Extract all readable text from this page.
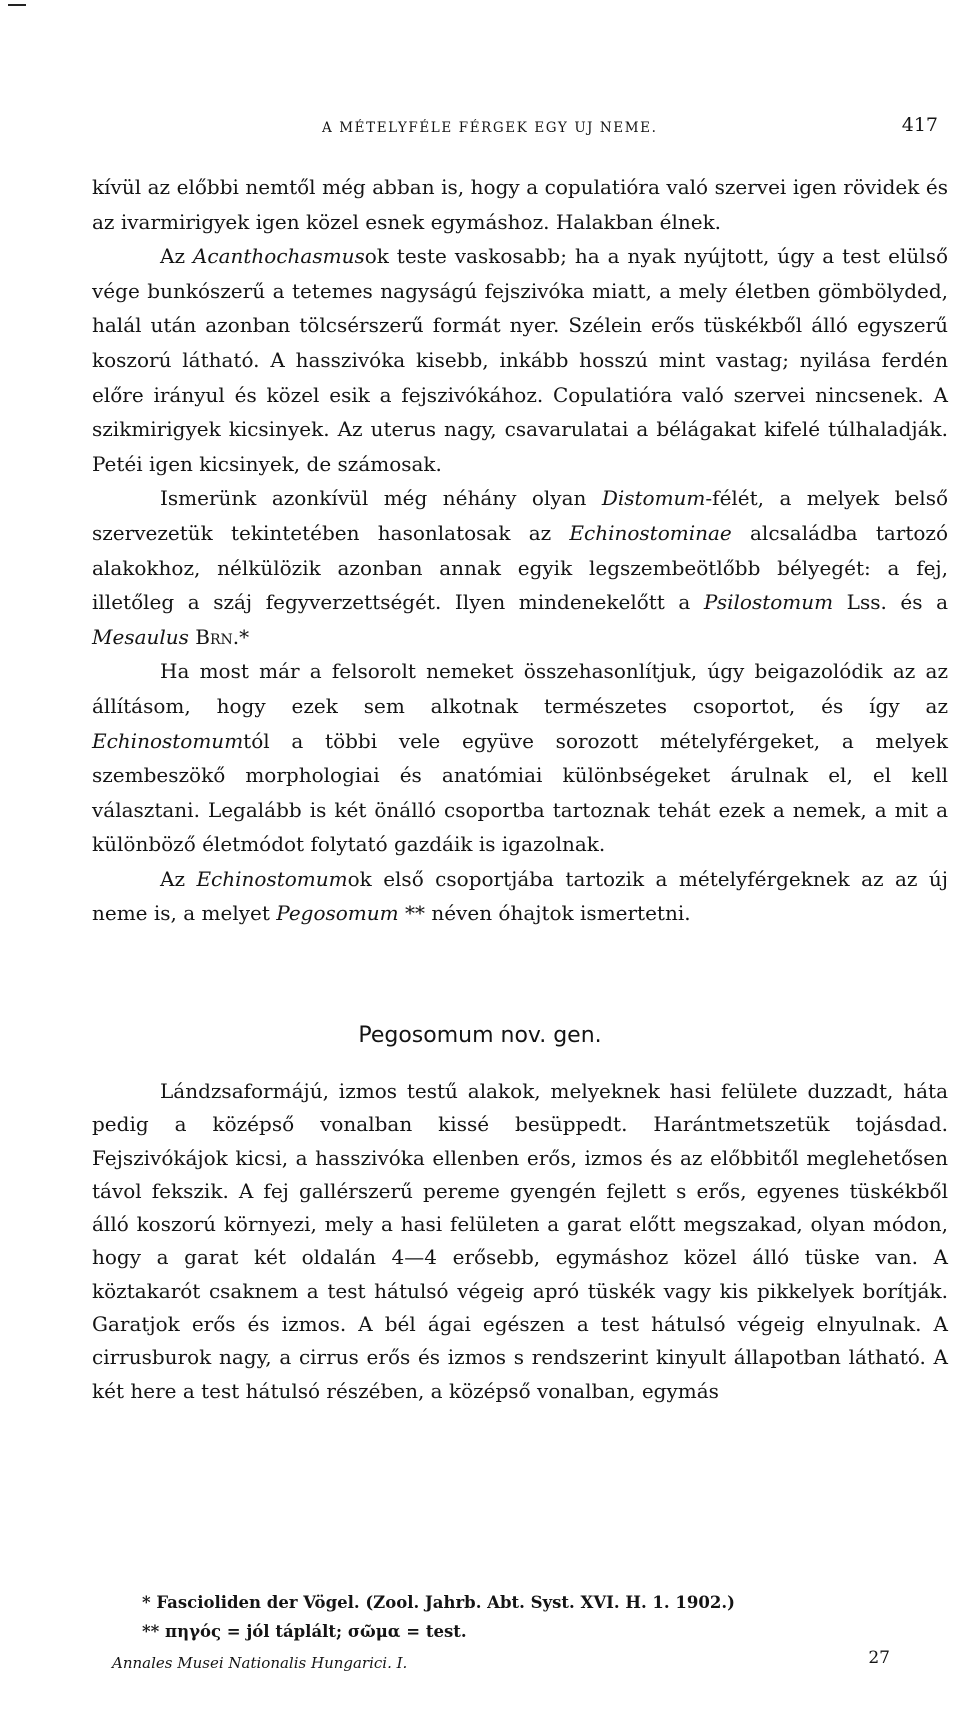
A MÉTELYFÉLE FÉRGEK EGY UJ NEME.	417

kívül az előbbi nemtől még abban is, hogy a copulatióra való szervei igen rövidek és az ivarmirigyek igen közel esnek egymáshoz. Halakban élnek.

Az Acanthochasmusok teste vaskosabb; ha a nyak nyújtott, úgy a test elülső vége bunkószerű a tetemes nagyságú fejszivóka miatt, a mely életben gömbölyded, halál után azonban tölcsérszerű formát nyer. Szélein erős tüskékből álló egyszerű koszorú látható. A hasszivóka kisebb, inkább hosszú mint vastag; nyilása ferdén előre irányul és közel esik a fejszivókához. Copulatióra való szervei nincsenek. A szikmirigyek kicsinyek. Az uterus nagy, csavarulatai a bélágakat kifelé túlhaladják. Petéi igen kicsinyek, de számosak.

Ismerünk azonkívül még néhány olyan Distomum-félét, a melyek belső szervezetük tekintetében hasonlatosak az Echinostominae alcsaládba tartozó alakokhoz, nélkülözik azonban annak egyik legszembeötlőbb bélyegét: a fej, illetőleg a száj fegyverzettségét. Ilyen mindenekelőtt a Psilostomum Lss. és a Mesaulus Brn.*

Ha most már a felsorolt nemeket összehasonlítjuk, úgy beigazolódik az az állításom, hogy ezek sem alkotnak természetes csoportot, és így az Echinostomumtól a többi vele együve sorozott mételyférgeket, a melyek szembeszökő morphologiai és anatómiai különbségeket árulnak el, el kell választani. Legalább is két önálló csoportba tartoznak tehát ezek a nemek, a mit a különböző életmódot folytató gazdáik is igazolnak.

Az Echinostomumok első csoportjába tartozik a mételyférgeknek az az új neme is, a melyet Pegosomum ** néven óhajtok ismertetni.

Pegosomum nov. gen.

Lándzsaformájú, izmos testű alakok, melyeknek hasi felülete duzzadt, háta pedig a középső vonalban kissé besüppedt. Harántmetszetük tojásdad. Fejszivókájok kicsi, a hasszivóka ellenben erős, izmos és az előbbitől meglehetősen távol fekszik. A fej gallérszerű pereme gyengén fejlett s erős, egyenes tüskékből álló koszorú környezi, mely a hasi felületen a garat előtt megszakad, olyan módon, hogy a garat két oldalán 4—4 erősebb, egymáshoz közel álló tüske van. A köztakarót csaknem a test hátulsó végeig apró tüskék vagy kis pikkelyek borítják. Garatjok erős és izmos. A bél ágai egészen a test hátulsó végeig elnyulnak. A cirrusburok nagy, a cirrus erős és izmos s rendszerint kinyult állapotban látható. A két here a test hátulsó részében, a középső vonalban, egymás

* Fascioliden der Vögel. (Zool. Jahrb. Abt. Syst. XVI. H. 1. 1902.)

** πηγός = jól táplált; σῶμα = test.

Annales Musei Nationalis Hungarici. I.	27
